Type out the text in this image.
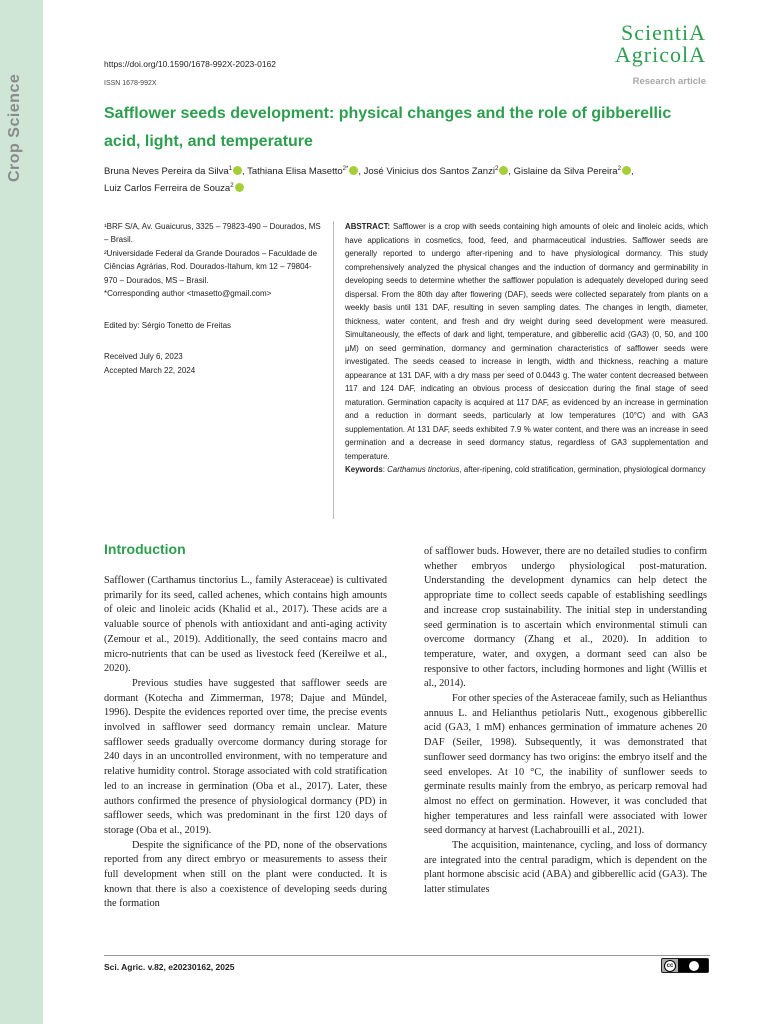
Crop Science
https://doi.org/10.1590/1678-992X-2023-0162
ISSN 1678-992X
ScientiA
AgricolA
Research article
Safflower seeds development: physical changes and the role of gibberellic acid, light, and temperature
Bruna Neves Pereira da Silva$^1$ , Tathiana Elisa Masetto$^{2*}$ , José Vinicius dos Santos Zanzi$^2$ , Gislaine da Silva Pereira$^2$ ,
Luiz Carlos Ferreira de Souza$^2$
¹BRF S/A, Av. Guaicurus, 3325 – 79823-490 – Dourados, MS – Brasil.
²Universidade Federal da Grande Dourados – Faculdade de Ciências Agrárias, Rod. Dourados-Itahum, km 12 – 79804-970 – Dourados, MS – Brasil.
*Corresponding author <tmasetto@gmail.com>
Edited by: Sérgio Tonetto de Freitas
Received July 6, 2023
Accepted March 22, 2024
ABSTRACT: Safflower is a crop with seeds containing high amounts of oleic and linoleic acids, which have applications in cosmetics, food, feed, and pharmaceutical industries. Safflower seeds are generally reported to undergo after-ripening and to have physiological dormancy. This study comprehensively analyzed the physical changes and the induction of dormancy and germinability in developing seeds to determine whether the safflower population is adequately developed during seed dispersal. From the 80th day after flowering (DAF), seeds were collected separately from plants on a weekly basis until 131 DAF, resulting in seven sampling dates. The changes in length, diameter, thickness, water content, and fresh and dry weight during seed development were measured. Simultaneously, the effects of dark and light, temperature, and gibberellic acid (GA3) (0, 50, and 100 µM) on seed germination, dormancy and germination characteristics of safflower seeds were investigated. The seeds ceased to increase in length, width and thickness, reaching a mature appearance at 131 DAF, with a dry mass per seed of 0.0443 g. The water content decreased between 117 and 124 DAF, indicating an obvious process of desiccation during the final stage of seed maturation. Germination capacity is acquired at 117 DAF, as evidenced by an increase in germination and a reduction in dormant seeds, particularly at low temperatures (10°C) and with GA3 supplementation. At 131 DAF, seeds exhibited 7.9 % water content, and there was an increase in seed germination and a decrease in seed dormancy status, regardless of GA3 supplementation and temperature.
Keywords: Carthamus tinctorius, after-ripening, cold stratification, germination, physiological dormancy
Introduction

Safflower (Carthamus tinctorius L., family Asteraceae) is cultivated primarily for its seed, called achenes, which contains high amounts of oleic and linoleic acids (Khalid et al., 2017). These acids are a valuable source of phenols with antioxidant and anti-aging activity (Zemour et al., 2019). Additionally, the seed contains macro and micro-nutrients that can be used as livestock feed (Kereilwe et al., 2020).

Previous studies have suggested that safflower seeds are dormant (Kotecha and Zimmerman, 1978; Dajue and Mündel, 1996). Despite the evidences reported over time, the precise events involved in safflower seed dormancy remain unclear. Mature safflower seeds gradually overcome dormancy during storage for 240 days in an uncontrolled environment, with no temperature and relative humidity control. Storage associated with cold stratification led to an increase in germination (Oba et al., 2017). Later, these authors confirmed the presence of physiological dormancy (PD) in safflower seeds, which was predominant in the first 120 days of storage (Oba et al., 2019).

Despite the significance of the PD, none of the observations reported from any direct embryo or measurements to assess their full development when still on the plant were conducted. It is known that there is also a coexistence of developing seeds during the formation

of safflower buds. However, there are no detailed studies to confirm whether embryos undergo physiological post-maturation. Understanding the development dynamics can help detect the appropriate time to collect seeds capable of establishing seedlings and increase crop sustainability. The initial step in understanding seed germination is to ascertain which environmental stimuli can overcome dormancy (Zhang et al., 2020). In addition to temperature, water, and oxygen, a dormant seed can also be responsive to other factors, including hormones and light (Willis et al., 2014).

For other species of the Asteraceae family, such as Helianthus annuus L. and Helianthus petiolaris Nutt., exogenous gibberellic acid (GA3, 1 mM) enhances germination of immature achenes 20 DAF (Seiler, 1998). Subsequently, it was demonstrated that sunflower seed dormancy has two origins: the embryo itself and the seed envelopes. At 10 °C, the inability of sunflower seeds to germinate results mainly from the embryo, as pericarp removal had almost no effect on germination. However, it was concluded that higher temperatures and less rainfall were associated with lower seed dormancy at harvest (Lachabrouilli et al., 2021).

The acquisition, maintenance, cycling, and loss of dormancy are integrated into the central paradigm, which is dependent on the plant hormone abscisic acid (ABA) and gibberellic acid (GA3). The latter stimulates

Sci. Agric. v.82, e20230162, 2025	cc
